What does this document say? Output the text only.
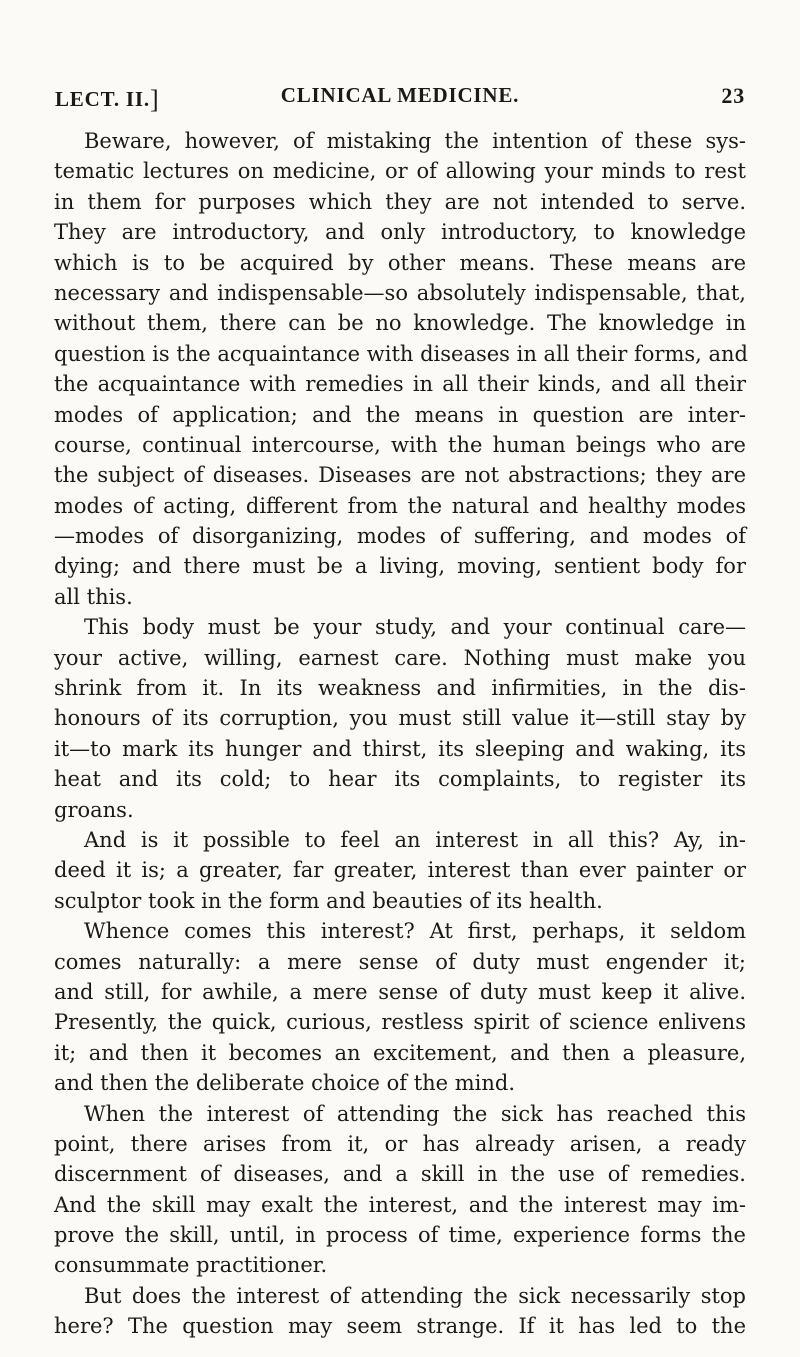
LECT. II.]	CLINICAL MEDICINE.	23
Beware, however, of mistaking the intention of these sys-
tematic lectures on medicine, or of allowing your minds to rest
in them for purposes which they are not intended to serve.
They are introductory, and only introductory, to knowledge
which is to be acquired by other means. These means are
necessary and indispensable—so absolutely indispensable, that,
without them, there can be no knowledge. The knowledge in
question is the acquaintance with diseases in all their forms, and
the acquaintance with remedies in all their kinds, and all their
modes of application; and the means in question are inter-
course, continual intercourse, with the human beings who are
the subject of diseases. Diseases are not abstractions; they are
modes of acting, different from the natural and healthy modes
—modes of disorganizing, modes of suffering, and modes of
dying; and there must be a living, moving, sentient body for
all this.
This body must be your study, and your continual care—
your active, willing, earnest care. Nothing must make you
shrink from it. In its weakness and infirmities, in the dis-
honours of its corruption, you must still value it—still stay by
it—to mark its hunger and thirst, its sleeping and waking, its
heat and its cold; to hear its complaints, to register its
groans.
And is it possible to feel an interest in all this? Ay, in-
deed it is; a greater, far greater, interest than ever painter or
sculptor took in the form and beauties of its health.
Whence comes this interest? At first, perhaps, it seldom
comes naturally: a mere sense of duty must engender it;
and still, for awhile, a mere sense of duty must keep it alive.
Presently, the quick, curious, restless spirit of science enlivens
it; and then it becomes an excitement, and then a pleasure,
and then the deliberate choice of the mind.
When the interest of attending the sick has reached this
point, there arises from it, or has already arisen, a ready
discernment of diseases, and a skill in the use of remedies.
And the skill may exalt the interest, and the interest may im-
prove the skill, until, in process of time, experience forms the
consummate practitioner.
But does the interest of attending the sick necessarily stop
here? The question may seem strange. If it has led to the
